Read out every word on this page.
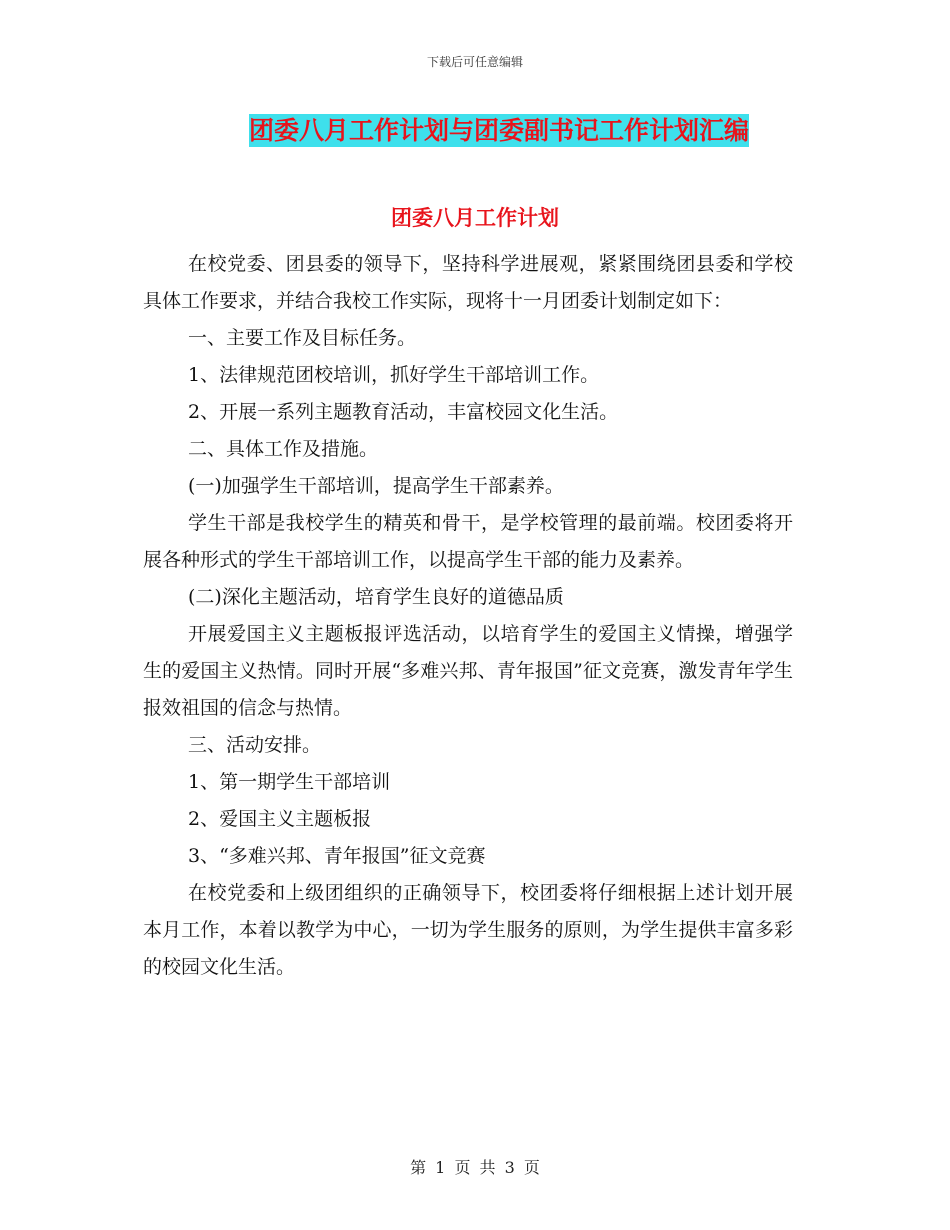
下载后可任意编辑
团委八月工作计划与团委副书记工作计划汇编
团委八月工作计划

在校党委、团县委的领导下，坚持科学进展观，紧紧围绕团县委和学校具体工作要求，并结合我校工作实际，现将十一月团委计划制定如下：

一、主要工作及目标任务。

1、法律规范团校培训，抓好学生干部培训工作。

2、开展一系列主题教育活动，丰富校园文化生活。

二、具体工作及措施。

(一)加强学生干部培训，提高学生干部素养。

学生干部是我校学生的精英和骨干，是学校管理的最前端。校团委将开展各种形式的学生干部培训工作，以提高学生干部的能力及素养。

(二)深化主题活动，培育学生良好的道德品质

开展爱国主义主题板报评选活动，以培育学生的爱国主义情操，增强学生的爱国主义热情。同时开展“多难兴邦、青年报国”征文竞赛，激发青年学生报效祖国的信念与热情。

三、活动安排。

1、第一期学生干部培训

2、爱国主义主题板报

3、“多难兴邦、青年报国”征文竞赛

在校党委和上级团组织的正确领导下，校团委将仔细根据上述计划开展本月工作，本着以教学为中心，一切为学生服务的原则，为学生提供丰富多彩的校园文化生活。

第 1 页 共 3 页
